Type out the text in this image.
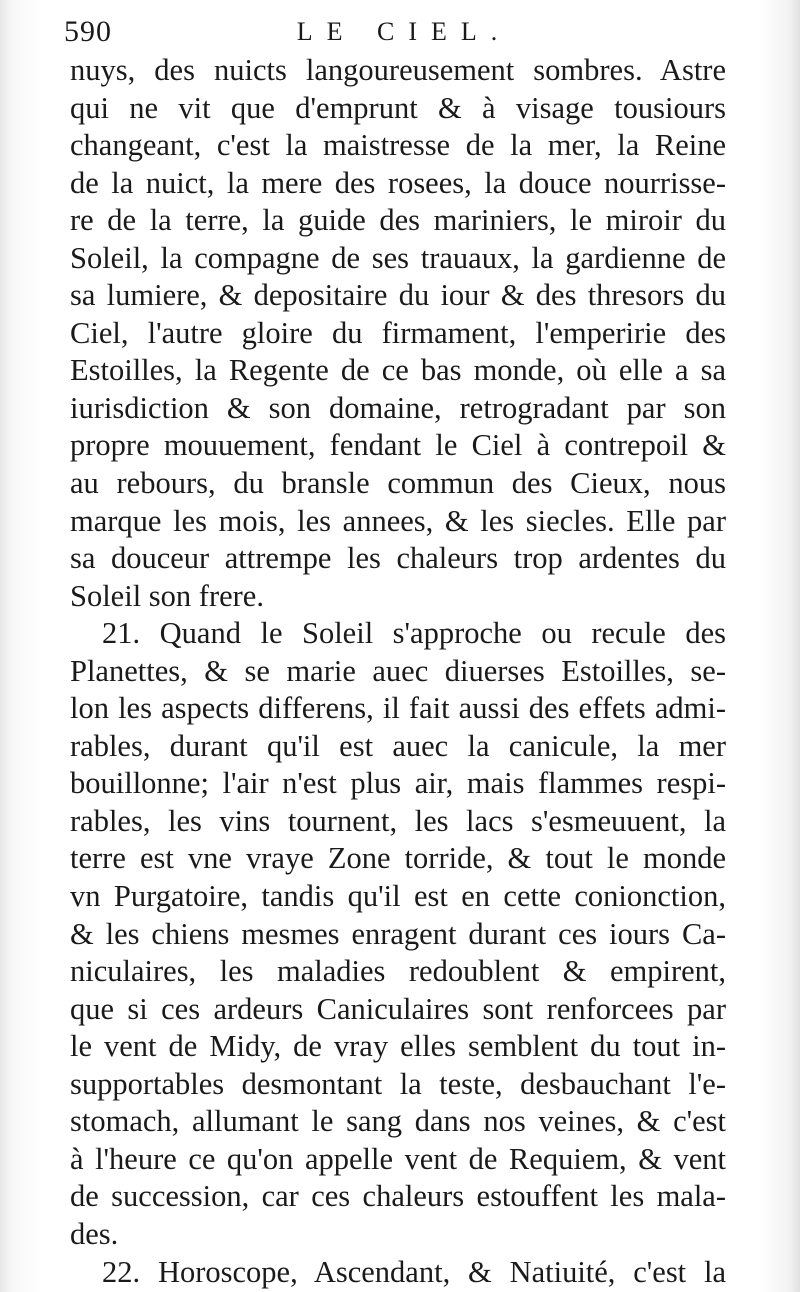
590	LE CIEL.
nuys, des nuicts langoureusement sombres. Astre
qui ne vit que d'emprunt & à visage tousiours
changeant, c'est la maistresse de la mer, la Reine
de la nuict, la mere des rosees, la douce nourrisse-
re de la terre, la guide des mariniers, le miroir du
Soleil, la compagne de ses trauaux, la gardienne de
sa lumiere, & depositaire du iour & des thresors du
Ciel, l'autre gloire du firmament, l'emperirie des
Estoilles, la Regente de ce bas monde, où elle a sa
iurisdiction & son domaine, retrogradant par son
propre mouuement, fendant le Ciel à contrepoil &
au rebours, du bransle commun des Cieux, nous
marque les mois, les annees, & les siecles. Elle par
sa douceur attrempe les chaleurs trop ardentes du
Soleil son frere.
21. Quand le Soleil s'approche ou recule des
Planettes, & se marie auec diuerses Estoilles, se-
lon les aspects differens, il fait aussi des effets admi-
rables, durant qu'il est auec la canicule, la mer
bouillonne; l'air n'est plus air, mais flammes respi-
rables, les vins tournent, les lacs s'esmeuuent, la
terre est vne vraye Zone torride, & tout le monde
vn Purgatoire, tandis qu'il est en cette conionction,
& les chiens mesmes enragent durant ces iours Ca-
niculaires, les maladies redoublent & empirent,
que si ces ardeurs Caniculaires sont renforcees par
le vent de Midy, de vray elles semblent du tout in-
supportables desmontant la teste, desbauchant l'e-
stomach, allumant le sang dans nos veines, & c'est
à l'heure ce qu'on appelle vent de Requiem, & vent
de succession, car ces chaleurs estouffent les mala-
des.
22. Horoscope, Ascendant, & Natiuité, c'est la
